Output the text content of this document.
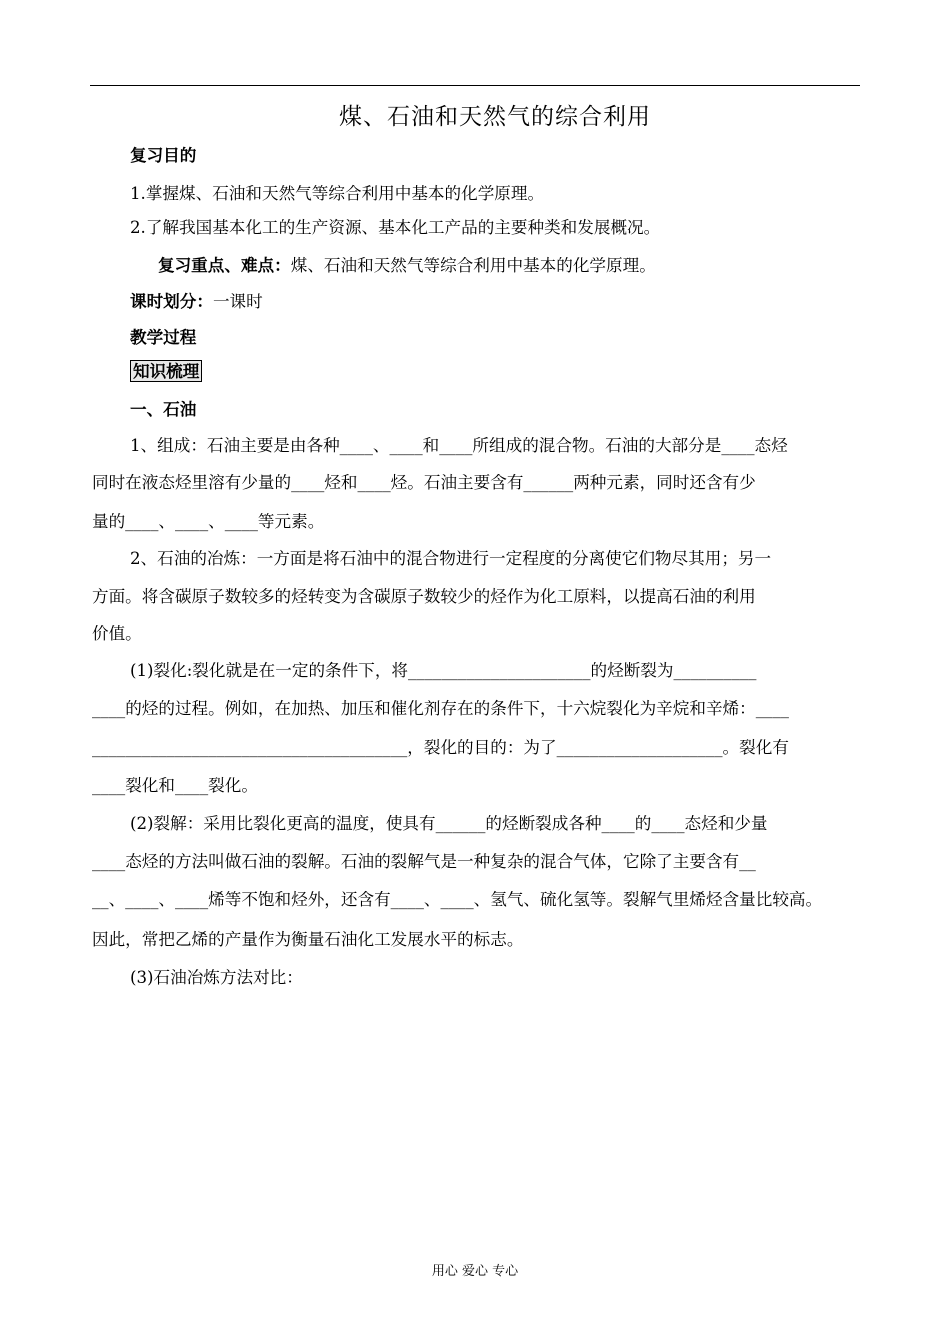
煤、石油和天然气的综合利用
复习目的
1.掌握煤、石油和天然气等综合利用中基本的化学原理。
2.了解我国基本化工的生产资源、基本化工产品的主要种类和发展概况。
复习重点、难点：煤、石油和天然气等综合利用中基本的化学原理。
课时划分：一课时
教学过程
知识梳理
一、石油
1、组成：石油主要是由各种____、____和____所组成的混合物。石油的大部分是____态烃
同时在液态烃里溶有少量的____烃和____烃。石油主要含有______两种元素，同时还含有少
量的____、____、____等元素。
2、石油的冶炼：一方面是将石油中的混合物进行一定程度的分离使它们物尽其用；另一
方面。将含碳原子数较多的烃转变为含碳原子数较少的烃作为化工原料，以提高石油的利用
价值。
(1)裂化:裂化就是在一定的条件下，将______________________的烃断裂为__________
____的烃的过程。例如，在加热、加压和催化剂存在的条件下，十六烷裂化为辛烷和辛烯：____
______________________________________，裂化的目的：为了____________________。裂化有
____裂化和____裂化。
(2)裂解：采用比裂化更高的温度，使具有______的烃断裂成各种____的____态烃和少量
____态烃的方法叫做石油的裂解。石油的裂解气是一种复杂的混合气体，它除了主要含有__
__、____、____烯等不饱和烃外，还含有____、____、氢气、硫化氢等。裂解气里烯烃含量比较高。
因此，常把乙烯的产量作为衡量石油化工发展水平的标志。
(3)石油冶炼方法对比：
用心 爱心 专心
